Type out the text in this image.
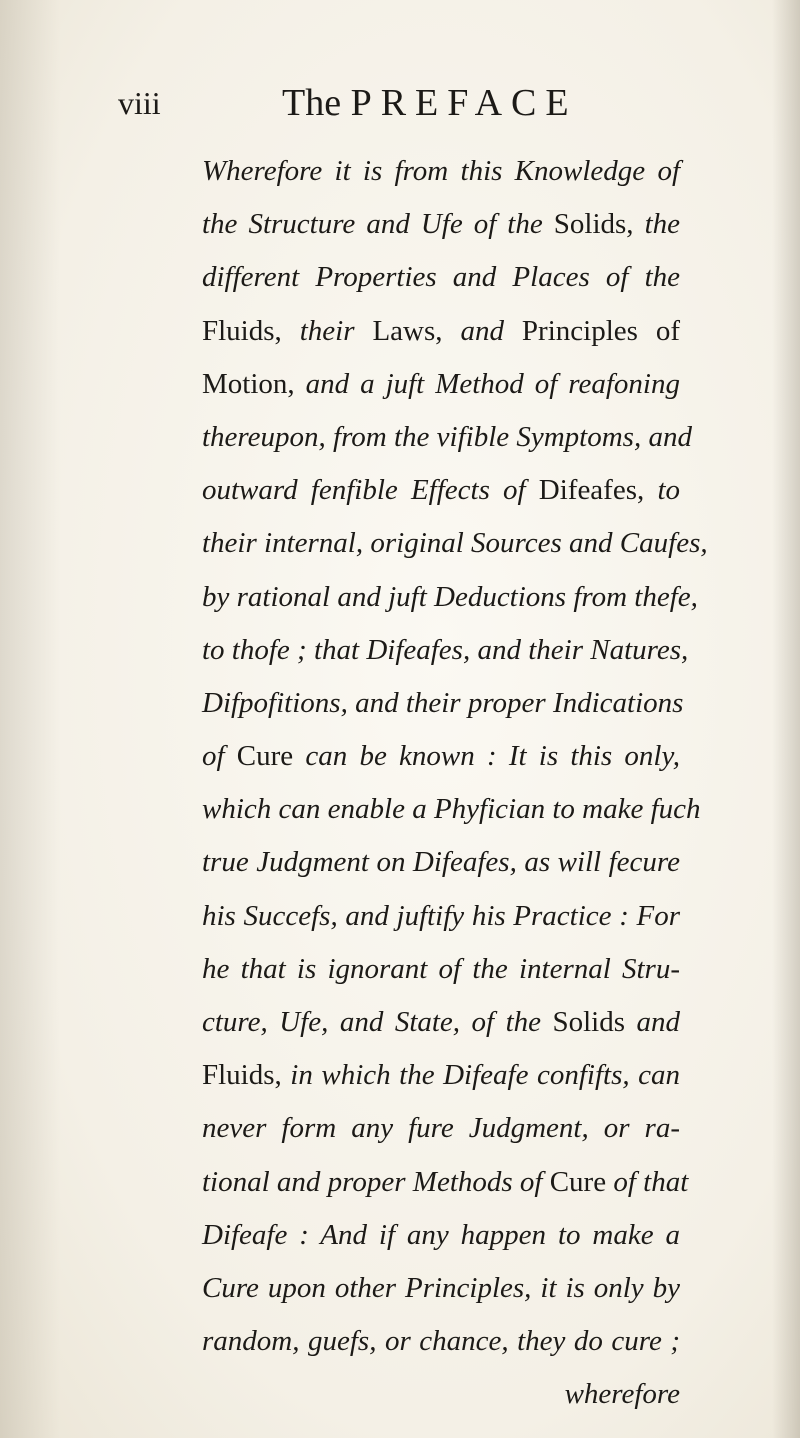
viii	The PREFACE
Wherefore it is from this Knowledge of
the Structure and Ufe of the Solids, the
different Properties and Places of the
Fluids, their Laws, and Principles of
Motion, and a juft Method of reafoning
thereupon, from the vifible Symptoms, and
outward fenfible Effects of Difeafes, to
their internal, original Sources and Caufes,
by rational and juft Deductions from thefe,
to thofe ; that Difeafes, and their Natures,
Difpofitions, and their proper Indications
of Cure can be known : It is this only,
which can enable a Phyfician to make fuch
true Judgment on Difeafes, as will fecure
his Succefs, and juftify his Practice : For
he that is ignorant of the internal Stru-
cture, Ufe, and State, of the Solids and
Fluids, in which the Difeafe confifts, can
never form any fure Judgment, or ra-
tional and proper Methods of Cure of that
Difeafe : And if any happen to make a
Cure upon other Principles, it is only by
random, guefs, or chance, they do cure ;
wherefore
